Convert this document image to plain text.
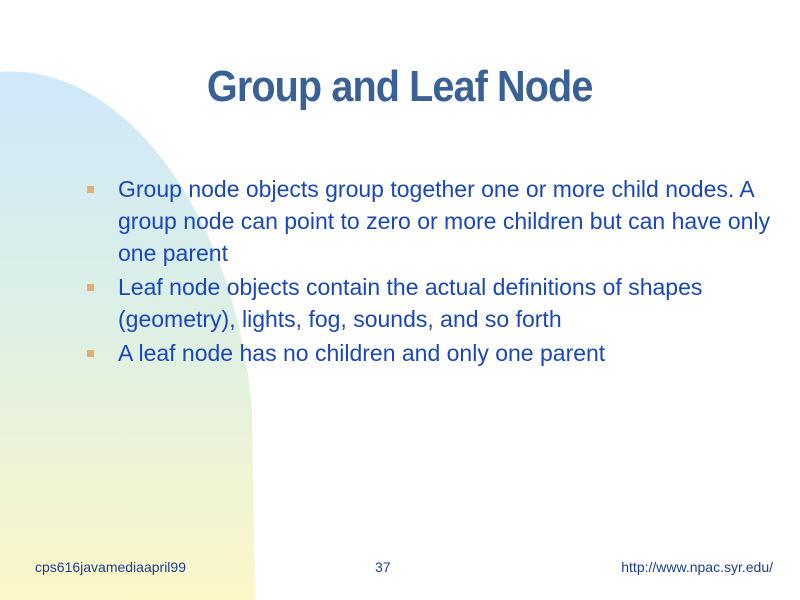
Group and Leaf Node
Group node objects group together one or more child nodes. A group node can point to zero or more children but can have only one parent
Leaf node objects contain the actual definitions of shapes (geometry), lights, fog, sounds, and so forth
A leaf node has no children and only one parent
cps616javamediaapril99	37	http://www.npac.syr.edu/
